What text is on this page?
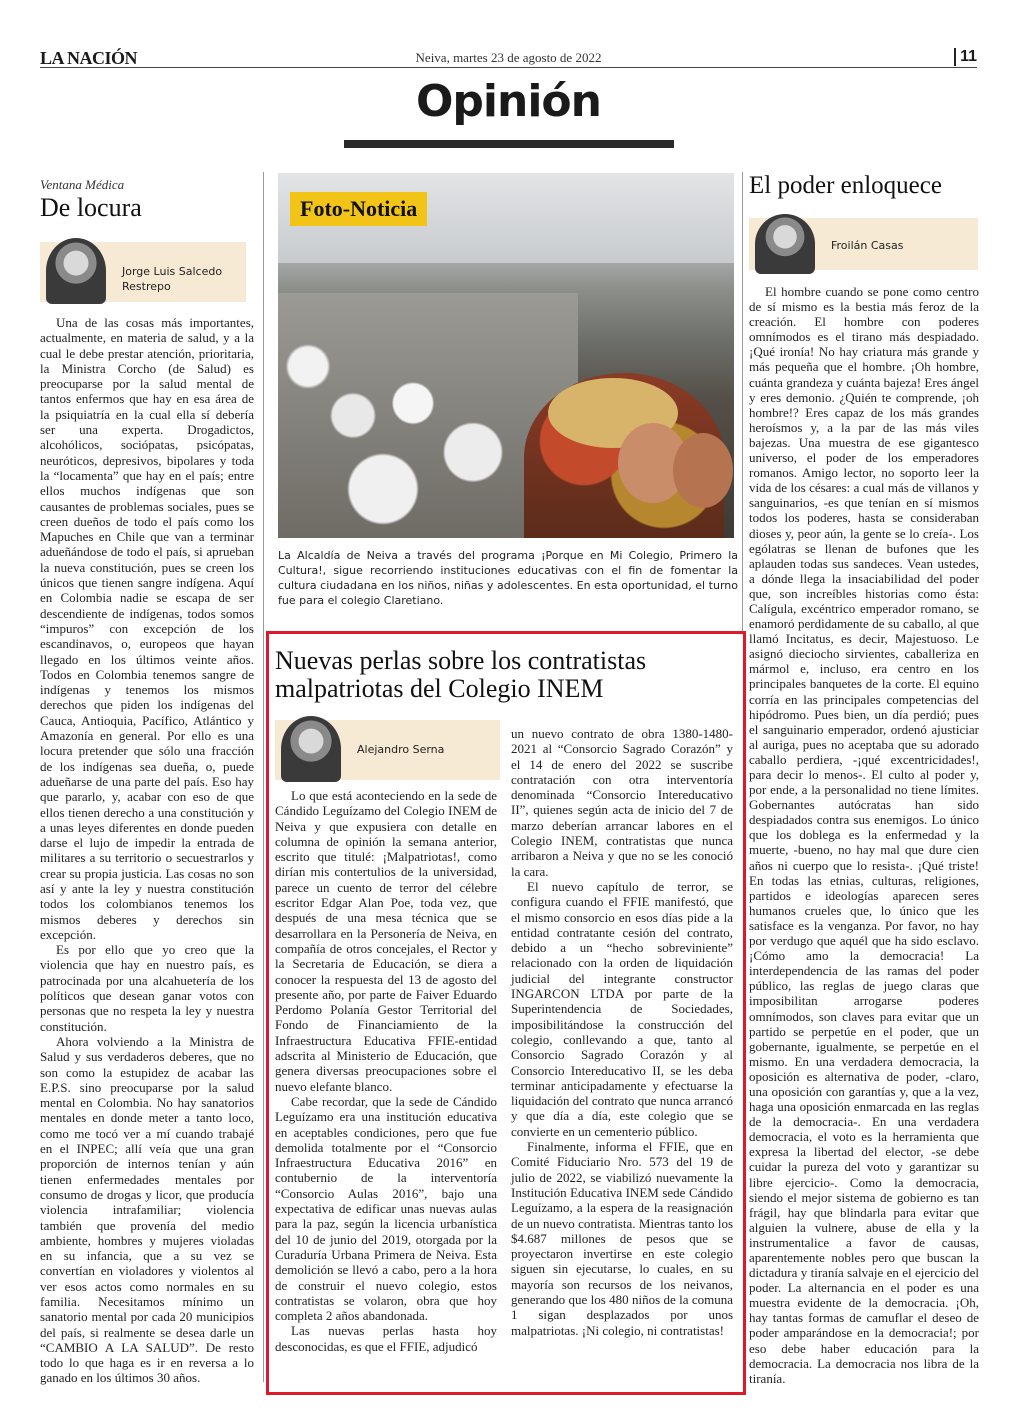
LA NACIÓN	Neiva, martes 23 de agosto de 2022	11
Opinión
Ventana Médica
De locura
Jorge Luis Salcedo Restrepo

Una de las cosas más importantes, actualmente, en materia de salud, y a la cual le debe prestar atención, prioritaria, la Ministra Corcho (de Salud) es preocuparse por la salud mental de tantos enfermos que hay en esa área de la psiquiatría en la cual ella sí debería ser una experta. Drogadictos, alcohólicos, sociópatas, psicópatas, neuróticos, depresivos, bipolares y toda la “locamenta” que hay en el país; entre ellos muchos indígenas que son causantes de problemas sociales, pues se creen dueños de todo el país como los Mapuches en Chile que van a terminar adueñándose de todo el país, si aprueban la nueva constitución, pues se creen los únicos que tienen sangre indígena. Aquí en Colombia nadie se escapa de ser descendiente de indígenas, todos somos “impuros” con excepción de los escandinavos, o, europeos que hayan llegado en los últimos veinte años. Todos en Colombia tenemos sangre de indígenas y tenemos los mismos derechos que piden los indígenas del Cauca, Antioquia, Pacífico, Atlántico y Amazonía en general. Por ello es una locura pretender que sólo una fracción de los indígenas sea dueña, o, puede adueñarse de una parte del país. Eso hay que pararlo, y, acabar con eso de que ellos tienen derecho a una constitución y a unas leyes diferentes en donde pueden darse el lujo de impedir la entrada de militares a su territorio o secuestrarlos y crear su propia justicia. Las cosas no son así y ante la ley y nuestra constitución todos los colombianos tenemos los mismos deberes y derechos sin excepción.

Es por ello que yo creo que la violencia que hay en nuestro país, es patrocinada por una alcahuetería de los políticos que desean ganar votos con personas que no respeta la ley y nuestra constitución.

Ahora volviendo a la Ministra de Salud y sus verdaderos deberes, que no son como la estupidez de acabar las E.P.S. sino preocuparse por la salud mental en Colombia. No hay sanatorios mentales en donde meter a tanto loco, como me tocó ver a mí cuando trabajé en el INPEC; allí veía que una gran proporción de internos tenían y aún tienen enfermedades mentales por consumo de drogas y licor, que producía violencia intrafamiliar; violencia también que provenía del medio ambiente, hombres y mujeres violadas en su infancia, que a su vez se convertían en violadores y violentos al ver esos actos como normales en su familia. Necesitamos mínimo un sanatorio mental por cada 20 municipios del país, si realmente se desea darle un “CAMBIO A LA SALUD”. De resto todo lo que haga es ir en reversa a lo ganado en los últimos 30 años.

Foto-Noticia
La Alcaldía de Neiva a través del programa ¡Porque en Mi Colegio, Primero la Cultura!, sigue recorriendo instituciones educativas con el fin de fomentar la cultura ciudadana en los niños, niñas y adolescentes. En esta oportunidad, el turno fue para el colegio Claretiano.
Nuevas perlas sobre los contratistas malpatriotas del Colegio INEM
Alejandro Serna

Lo que está aconteciendo en la sede de Cándido Leguízamo del Colegio INEM de Neiva y que expusiera con detalle en columna de opinión la semana anterior, escrito que titulé: ¡Malpatriotas!, como dirían mis contertulios de la universidad, parece un cuento de terror del célebre escritor Edgar Alan Poe, toda vez, que después de una mesa técnica que se desarrollara en la Personería de Neiva, en compañía de otros concejales, el Rector y la Secretaria de Educación, se diera a conocer la respuesta del 13 de agosto del presente año, por parte de Faiver Eduardo Perdomo Polanía Gestor Territorial del Fondo de Financiamiento de la Infraestructura Educativa FFIE-entidad adscrita al Ministerio de Educación, que genera diversas preocupaciones sobre el nuevo elefante blanco.

Cabe recordar, que la sede de Cándido Leguízamo era una institución educativa en aceptables condiciones, pero que fue demolida totalmente por el “Consorcio Infraestructura Educativa 2016” en contubernio de la interventoría “Consorcio Aulas 2016”, bajo una expectativa de edificar unas nuevas aulas para la paz, según la licencia urbanística del 10 de junio del 2019, otorgada por la Curaduría Urbana Primera de Neiva. Esta demolición se llevó a cabo, pero a la hora de construir el nuevo colegio, estos contratistas se volaron, obra que hoy completa 2 años abandonada.

Las nuevas perlas hasta hoy desconocidas, es que el FFIE, adjudicó

un nuevo contrato de obra 1380-1480-2021 al “Consorcio Sagrado Corazón” y el 14 de enero del 2022 se suscribe contratación con otra interventoría denominada “Consorcio Intereducativo II”, quienes según acta de inicio del 7 de marzo deberían arrancar labores en el Colegio INEM, contratistas que nunca arribaron a Neiva y que no se les conoció la cara.

El nuevo capítulo de terror, se configura cuando el FFIE manifestó, que el mismo consorcio en esos días pide a la entidad contratante cesión del contrato, debido a un “hecho sobreviniente” relacionado con la orden de liquidación judicial del integrante constructor INGARCON LTDA por parte de la Superintendencia de Sociedades, imposibilitándose la construcción del colegio, conllevando a que, tanto al Consorcio Sagrado Corazón y al Consorcio Intereducativo II, se les deba terminar anticipadamente y efectuarse la liquidación del contrato que nunca arrancó y que día a día, este colegio que se convierte en un cementerio público.

Finalmente, informa el FFIE, que en Comité Fiduciario Nro. 573 del 19 de julio de 2022, se viabilizó nuevamente la Institución Educativa INEM sede Cándido Leguízamo, a la espera de la reasignación de un nuevo contratista. Mientras tanto los $4.687 millones de pesos que se proyectaron invertirse en este colegio siguen sin ejecutarse, lo cuales, en su mayoría son recursos de los neivanos, generando que los 480 niños de la comuna 1 sigan desplazados por unos malpatriotas. ¡Ni colegio, ni contratistas!

El poder enloquece
Froilán Casas

El hombre cuando se pone como centro de sí mismo es la bestia más feroz de la creación. El hombre con poderes omnímodos es el tirano más despiadado. ¡Qué ironía! No hay criatura más grande y más pequeña que el hombre. ¡Oh hombre, cuánta grandeza y cuánta bajeza! Eres ángel y eres demonio. ¿Quién te comprende, ¡oh hombre!? Eres capaz de los más grandes heroísmos y, a la par de las más viles bajezas. Una muestra de ese gigantesco universo, el poder de los emperadores romanos. Amigo lector, no soporto leer la vida de los césares: a cual más de villanos y sanguinarios, -es que tenían en sí mismos todos los poderes, hasta se consideraban dioses y, peor aún, la gente se lo creía-. Los ególatras se llenan de bufones que les aplauden todas sus sandeces. Vean ustedes, a dónde llega la insaciabilidad del poder que, son increíbles historias como ésta: Calígula, excéntrico emperador romano, se enamoró perdidamente de su caballo, al que llamó Incitatus, es decir, Majestuoso. Le asignó dieciocho sirvientes, caballeriza en mármol e, incluso, era centro en los principales banquetes de la corte. El equino corría en las principales competencias del hipódromo. Pues bien, un día perdió; pues el sanguinario emperador, ordenó ajusticiar al auriga, pues no aceptaba que su adorado caballo perdiera, -¡qué excentricidades!, para decir lo menos-. El culto al poder y, por ende, a la personalidad no tiene límites. Gobernantes autócratas han sido despiadados contra sus enemigos. Lo único que los doblega es la enfermedad y la muerte, -bueno, no hay mal que dure cien años ni cuerpo que lo resista-. ¡Qué triste! En todas las etnias, culturas, religiones, partidos e ideologías aparecen seres humanos crueles que, lo único que les satisface es la venganza. Por favor, no hay por verdugo que aquél que ha sido esclavo. ¡Cómo amo la democracia! La interdependencia de las ramas del poder público, las reglas de juego claras que imposibilitan arrogarse poderes omnímodos, son claves para evitar que un partido se perpetúe en el poder, que un gobernante, igualmente, se perpetúe en el mismo. En una verdadera democracia, la oposición es alternativa de poder, -claro, una oposición con garantías y, que a la vez, haga una oposición enmarcada en las reglas de la democracia-. En una verdadera democracia, el voto es la herramienta que expresa la libertad del elector, -se debe cuidar la pureza del voto y garantizar su libre ejercicio-. Como la democracia, siendo el mejor sistema de gobierno es tan frágil, hay que blindarla para evitar que alguien la vulnere, abuse de ella y la instrumentalice a favor de causas, aparentemente nobles pero que buscan la dictadura y tiranía salvaje en el ejercicio del poder. La alternancia en el poder es una muestra evidente de la democracia. ¡Oh, hay tantas formas de camuflar el deseo de poder amparándose en la democracia!; por eso debe haber educación para la democracia. La democracia nos libra de la tiranía.
